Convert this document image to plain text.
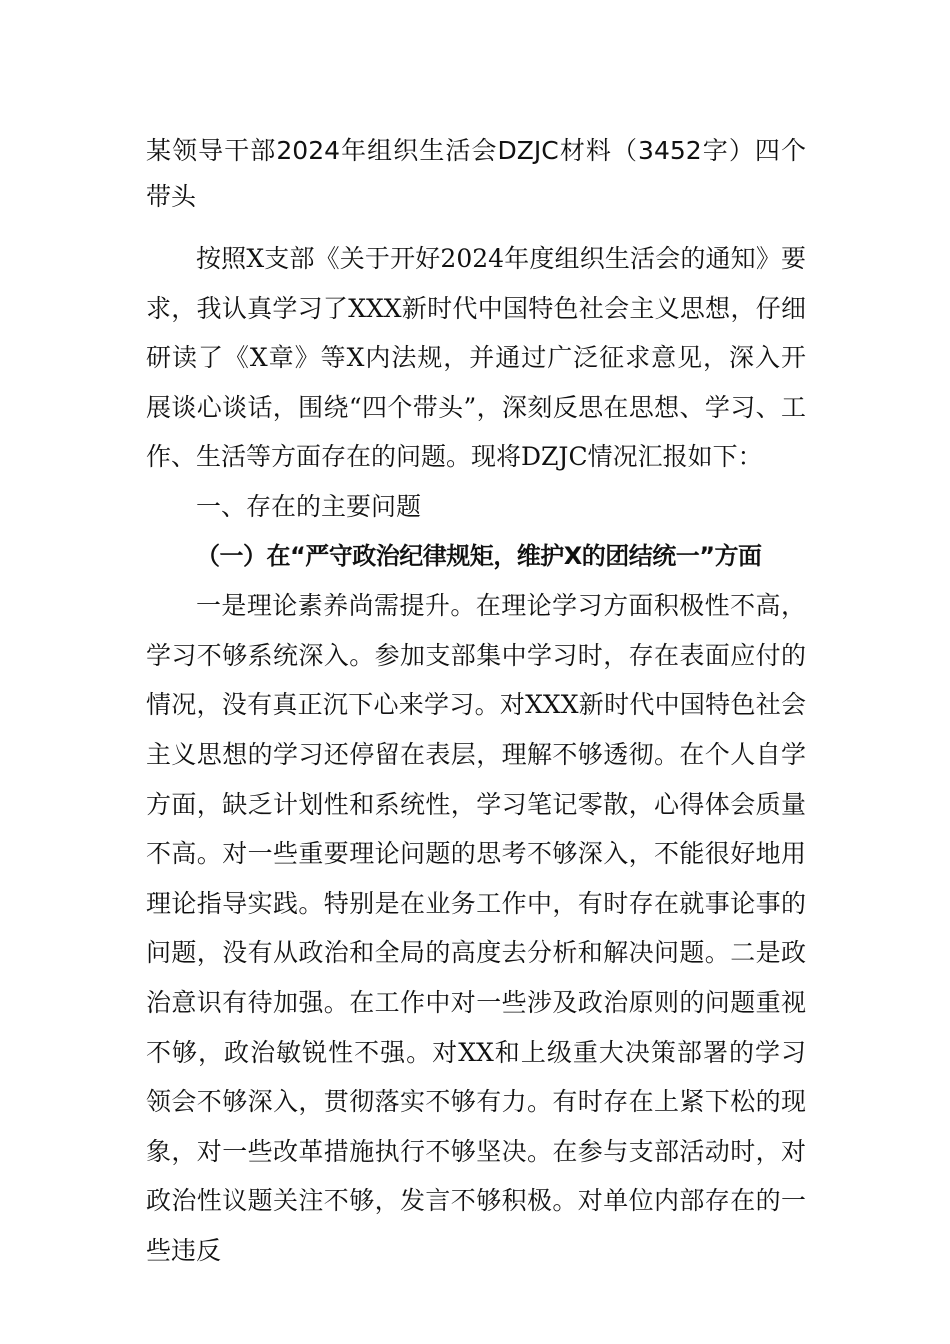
某领导干部2024年组织生活会DZJC材料（3452字）四个带头

按照X支部《关于开好2024年度组织生活会的通知》要求，我认真学习了XXX新时代中国特色社会主义思想，仔细研读了《X章》等X内法规，并通过广泛征求意见，深入开展谈心谈话，围绕“四个带头”，深刻反思在思想、学习、工作、生活等方面存在的问题。现将DZJC情况汇报如下：

一、存在的主要问题

（一）在“严守政治纪律规矩，维护X的团结统一”方面

一是理论素养尚需提升。在理论学习方面积极性不高，学习不够系统深入。参加支部集中学习时，存在表面应付的情况，没有真正沉下心来学习。对XXX新时代中国特色社会主义思想的学习还停留在表层，理解不够透彻。在个人自学方面，缺乏计划性和系统性，学习笔记零散，心得体会质量不高。对一些重要理论问题的思考不够深入，不能很好地用理论指导实践。特别是在业务工作中，有时存在就事论事的问题，没有从政治和全局的高度去分析和解决问题。二是政治意识有待加强。在工作中对一些涉及政治原则的问题重视不够，政治敏锐性不强。对XX和上级重大决策部署的学习领会不够深入，贯彻落实不够有力。有时存在上紧下松的现象，对一些改革措施执行不够坚决。在参与支部活动时，对政治性议题关注不够，发言不够积极。对单位内部存在的一些违反
